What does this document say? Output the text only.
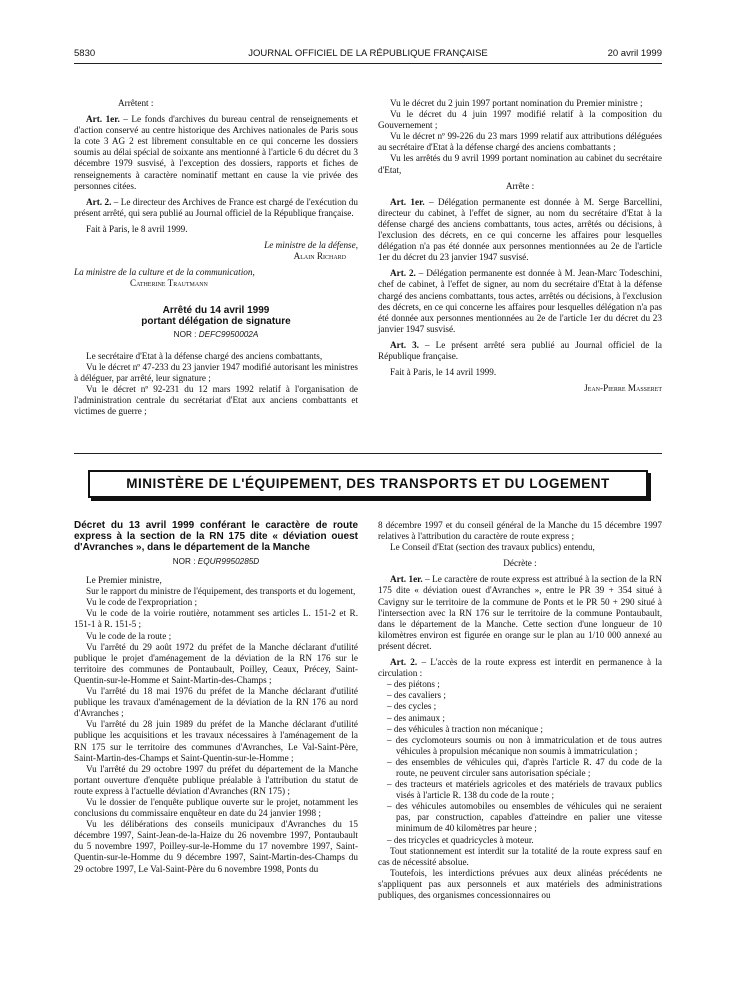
5830	JOURNAL OFFICIEL DE LA RÉPUBLIQUE FRANÇAISE	20 avril 1999

Arrêtent :

Art. 1er. – Le fonds d'archives du bureau central de renseignements et d'action conservé au centre historique des Archives nationales de Paris sous la cote 3 AG 2 est librement consultable en ce qui concerne les dossiers soumis au délai spécial de soixante ans mentionné à l'article 6 du décret du 3 décembre 1979 susvisé, à l'exception des dossiers, rapports et fiches de renseignements à caractère nominatif mettant en cause la vie privée des personnes citées.

Art. 2. – Le directeur des Archives de France est chargé de l'exécution du présent arrêté, qui sera publié au Journal officiel de la République française.

Fait à Paris, le 8 avril 1999.

Le ministre de la défense,

Alain Richard

La ministre de la culture et de la communication,

Catherine Trautmann

Arrêté du 14 avril 1999

portant délégation de signature

NOR : DEFC9950002A

Le secrétaire d'Etat à la défense chargé des anciens combattants,

Vu le décret nº 47-233 du 23 janvier 1947 modifié autorisant les ministres à déléguer, par arrêté, leur signature ;

Vu le décret nº 92-231 du 12 mars 1992 relatif à l'organisation de l'administration centrale du secrétariat d'Etat aux anciens combattants et victimes de guerre ;

Vu le décret du 2 juin 1997 portant nomination du Premier ministre ;

Vu le décret du 4 juin 1997 modifié relatif à la composition du Gouvernement ;

Vu le décret nº 99-226 du 23 mars 1999 relatif aux attributions déléguées au secrétaire d'Etat à la défense chargé des anciens combattants ;

Vu les arrêtés du 9 avril 1999 portant nomination au cabinet du secrétaire d'Etat,

Arrête :

Art. 1er. – Délégation permanente est donnée à M. Serge Barcellini, directeur du cabinet, à l'effet de signer, au nom du secrétaire d'Etat à la défense chargé des anciens combattants, tous actes, arrêtés ou décisions, à l'exclusion des décrets, en ce qui concerne les affaires pour lesquelles délégation n'a pas été donnée aux personnes mentionnées au 2e de l'article 1er du décret du 23 janvier 1947 susvisé.

Art. 2. – Délégation permanente est donnée à M. Jean-Marc Todeschini, chef de cabinet, à l'effet de signer, au nom du secrétaire d'Etat à la défense chargé des anciens combattants, tous actes, arrêtés ou décisions, à l'exclusion des décrets, en ce qui concerne les affaires pour lesquelles délégation n'a pas été donnée aux personnes mentionnées au 2e de l'article 1er du décret du 23 janvier 1947 susvisé.

Art. 3. – Le présent arrêté sera publié au Journal officiel de la République française.

Fait à Paris, le 14 avril 1999.

Jean-Pierre Masseret

MINISTÈRE DE L'ÉQUIPEMENT, DES TRANSPORTS ET DU LOGEMENT

Décret du 13 avril 1999 conférant le caractère de route express à la section de la RN 175 dite « déviation ouest d'Avranches », dans le département de la Manche

NOR : EQUR9950285D

Le Premier ministre,

Sur le rapport du ministre de l'équipement, des transports et du logement,

Vu le code de l'expropriation ;

Vu le code de la voirie routière, notamment ses articles L. 151-2 et R. 151-1 à R. 151-5 ;

Vu le code de la route ;

Vu l'arrêté du 29 août 1972 du préfet de la Manche déclarant d'utilité publique le projet d'aménagement de la déviation de la RN 176 sur le territoire des communes de Pontaubault, Poilley, Ceaux, Précey, Saint-Quentin-sur-le-Homme et Saint-Martin-des-Champs ;

Vu l'arrêté du 18 mai 1976 du préfet de la Manche déclarant d'utilité publique les travaux d'aménagement de la déviation de la RN 176 au nord d'Avranches ;

Vu l'arrêté du 28 juin 1989 du préfet de la Manche déclarant d'utilité publique les acquisitions et les travaux nécessaires à l'aménagement de la RN 175 sur le territoire des communes d'Avranches, Le Val-Saint-Père, Saint-Martin-des-Champs et Saint-Quentin-sur-le-Homme ;

Vu l'arrêté du 29 octobre 1997 du préfet du département de la Manche portant ouverture d'enquête publique préalable à l'attribution du statut de route express à l'actuelle déviation d'Avranches (RN 175) ;

Vu le dossier de l'enquête publique ouverte sur le projet, notamment les conclusions du commissaire enquêteur en date du 24 janvier 1998 ;

Vu les délibérations des conseils municipaux d'Avranches du 15 décembre 1997, Saint-Jean-de-la-Haize du 26 novembre 1997, Pontaubault du 5 novembre 1997, Poilley-sur-le-Homme du 17 novembre 1997, Saint-Quentin-sur-le-Homme du 9 décembre 1997, Saint-Martin-des-Champs du 29 octobre 1997, Le Val-Saint-Père du 6 novembre 1998, Ponts du

8 décembre 1997 et du conseil général de la Manche du 15 décembre 1997 relatives à l'attribution du caractère de route express ;

Le Conseil d'Etat (section des travaux publics) entendu,

Décrète :

Art. 1er. – Le caractère de route express est attribué à la section de la RN 175 dite « déviation ouest d'Avranches », entre le PR 39 + 354 situé à Cavigny sur le territoire de la commune de Ponts et le PR 50 + 290 situé à l'intersection avec la RN 176 sur le territoire de la commune Pontaubault, dans le département de la Manche. Cette section d'une longueur de 10 kilomètres environ est figurée en orange sur le plan au 1/10 000 annexé au présent décret.

Art. 2. – L'accès de la route express est interdit en permanence à la circulation :

– des piétons ;
– des cavaliers ;
– des cycles ;
– des animaux ;
– des véhicules à traction non mécanique ;
– des cyclomoteurs soumis ou non à immatriculation et de tous autres véhicules à propulsion mécanique non soumis à immatriculation ;
– des ensembles de véhicules qui, d'après l'article R. 47 du code de la route, ne peuvent circuler sans autorisation spéciale ;
– des tracteurs et matériels agricoles et des matériels de travaux publics visés à l'article R. 138 du code de la route ;
– des véhicules automobiles ou ensembles de véhicules qui ne seraient pas, par construction, capables d'atteindre en palier une vitesse minimum de 40 kilomètres par heure ;
– des tricycles et quadricycles à moteur.

Tout stationnement est interdit sur la totalité de la route express sauf en cas de nécessité absolue.

Toutefois, les interdictions prévues aux deux alinéas précédents ne s'appliquent pas aux personnels et aux matériels des administrations publiques, des organismes concessionnaires ou
